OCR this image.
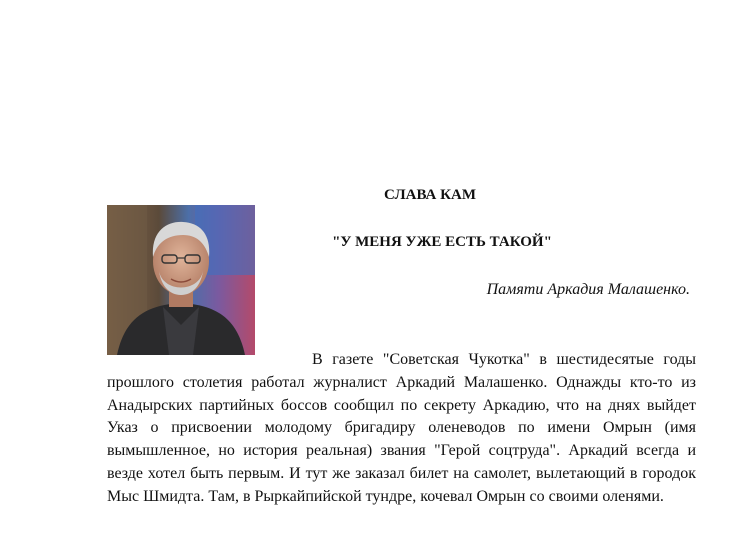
СЛАВА КАМ
"У МЕНЯ УЖЕ ЕСТЬ ТАКОЙ"
Памяти Аркадия Малашенко.

В газете "Советская Чукотка" в шестидесятые годы прошлого столетия работал журналист Аркадий Малашенко. Однажды кто-то из Анадырских партийных боссов сообщил по секрету Аркадию, что на днях выйдет Указ о присвоении молодому бригадиру оленеводов по имени Омрын (имя вымышленное, но история реальная) звания "Герой соцтруда". Аркадий всегда и везде хотел быть первым. И тут же заказал билет на самолет, вылетающий в городок Мыс Шмидта. Там, в Рыркайпийской тундре, кочевал Омрын со своими оленями.
